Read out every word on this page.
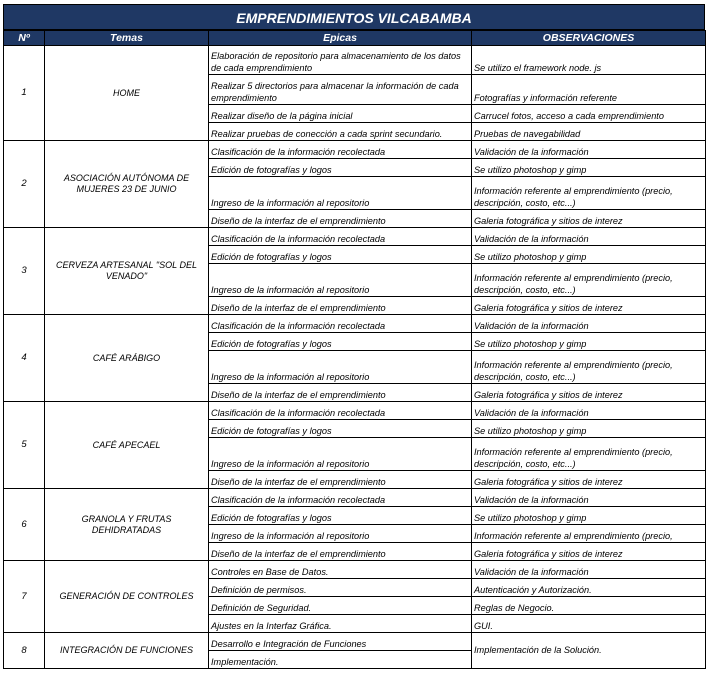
EMPRENDIMIENTOS VILCABAMBA
Nº	Temas	Epicas	OBSERVACIONES
1	HOME	Elaboración de repositorio para almacenamiento de los datos de cada emprendimiento	Se utilizo el framework node. js
		Realizar 5 directorios para almacenar la información de cada emprendimiento	Fotografías y información referente
		Realizar diseño de la página inicial	Carrucel fotos, acceso a cada emprendimiento
		Realizar pruebas de conección a cada sprint secundario.	Pruebas de navegabilidad
2	ASOCIACIÓN AUTÓNOMA DE MUJERES 23 DE JUNIO	Clasificación de la información recolectada	Validación de la información
		Edición de fotografías y logos	Se utilizo photoshop y gimp
		Ingreso de la información al repositorio	Información referente al emprendimiento (precio, descripción, costo, etc...)
		Diseño de la interfaz de el emprendimiento	Galeria fotográfica y sitios de interez
3	CERVEZA ARTESANAL "SOL DEL VENADO"	Clasificación de la información recolectada	Validación de la información
		Edición de fotografías y logos	Se utilizo photoshop y gimp
		Ingreso de la información al repositorio	Información referente al emprendimiento (precio, descripción, costo, etc...)
		Diseño de la interfaz de el emprendimiento	Galeria fotográfica y sitios de interez
4	CAFÉ ARÁBIGO	Clasificación de la información recolectada	Validación de la información
		Edición de fotografías y logos	Se utilizo photoshop y gimp
		Ingreso de la información al repositorio	Información referente al emprendimiento (precio, descripción, costo, etc...)
		Diseño de la interfaz de el emprendimiento	Galeria fotográfica y sitios de interez
5	CAFÉ APECAEL	Clasificación de la información recolectada	Validación de la información
		Edición de fotografías y logos	Se utilizo photoshop y gimp
		Ingreso de la información al repositorio	Información referente al emprendimiento (precio, descripción, costo, etc...)
		Diseño de la interfaz de el emprendimiento	Galeria fotográfica y sitios de interez
6	GRANOLA Y FRUTAS DEHIDRATADAS	Clasificación de la información recolectada	Validación de la información
		Edición de fotografías y logos	Se utilizo photoshop y gimp
		Ingreso de la información al repositorio	Información referente al emprendimiento (precio,
		Diseño de la interfaz de el emprendimiento	Galeria fotográfica y sitios de interez
7	GENERACIÓN DE CONTROLES	Controles en Base de Datos.	Validación de la información
		Definición de permisos.	Autenticación y Autorización.
		Definición de Seguridad.	Reglas de Negocio.
		Ajustes en la Interfaz Gráfica.	GUI.
8	INTEGRACIÓN DE FUNCIONES	Desarrollo e Integración de Funciones	Implementación de la Solución.
		Implementación.	
